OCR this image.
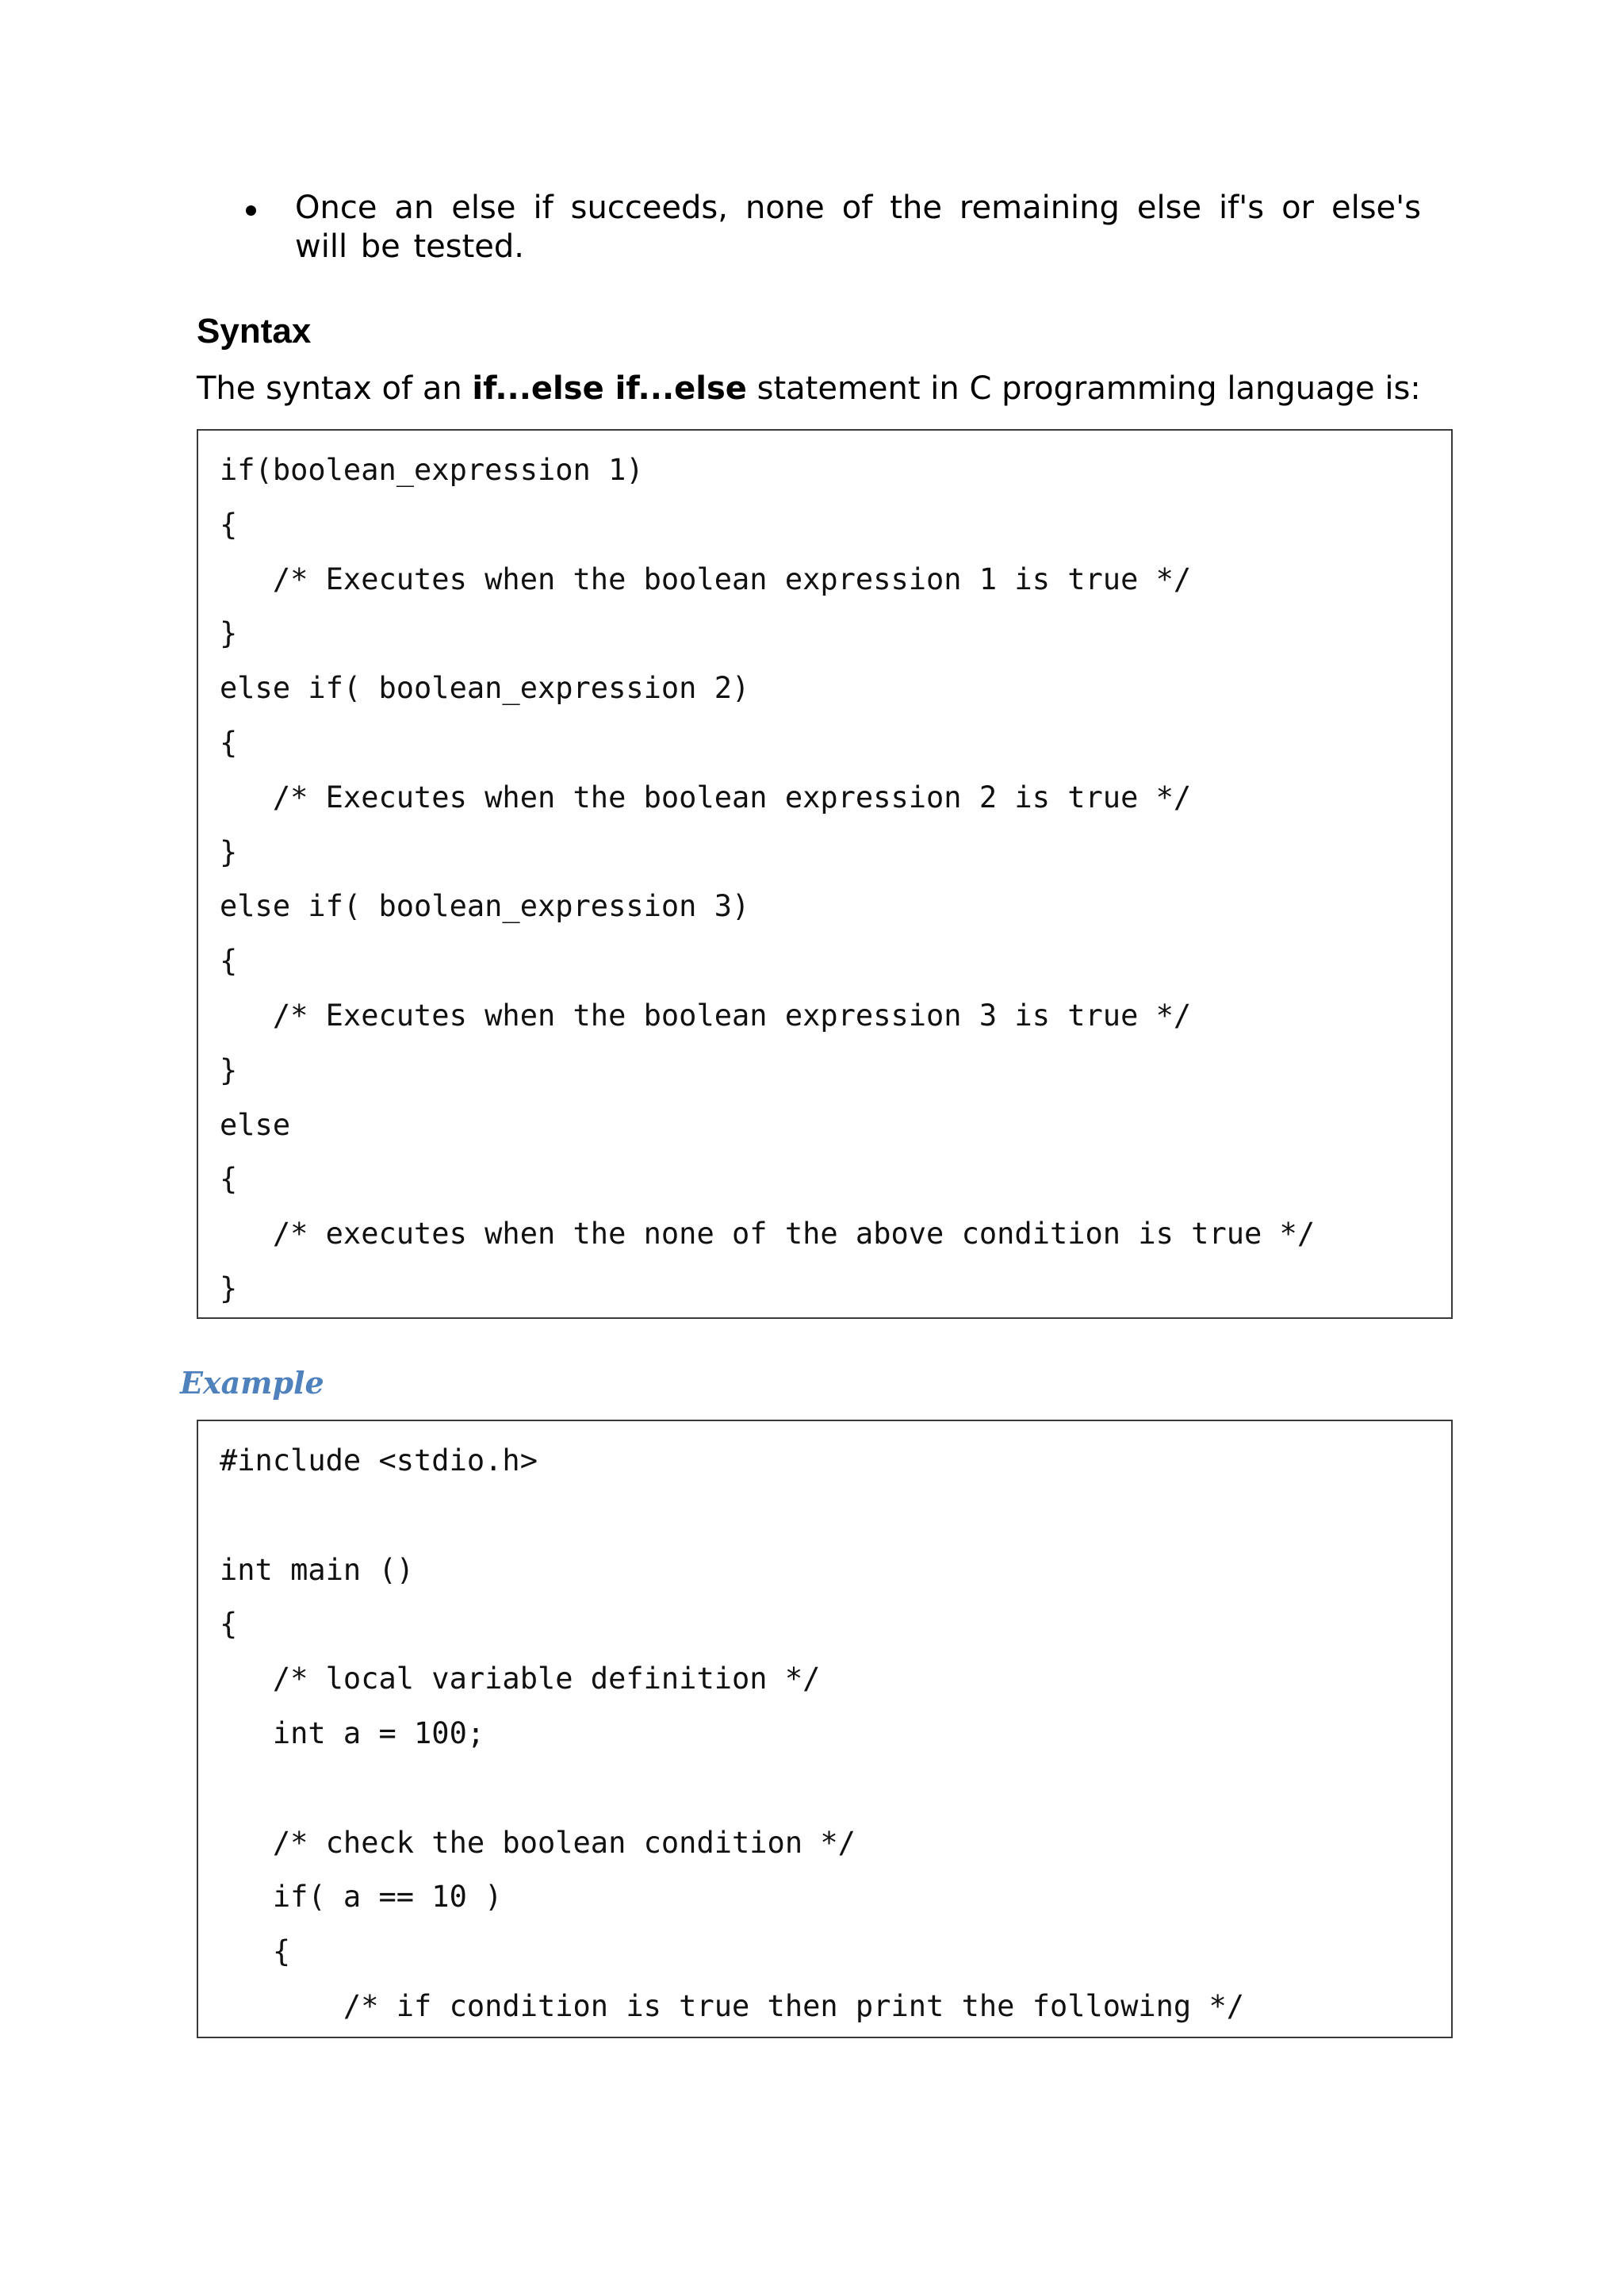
Once an else if succeeds, none of the remaining else if's or else's will be tested.
Syntax
The syntax of an if...else if...else statement in C programming language is:
if(boolean_expression 1)
{
/* Executes when the boolean expression 1 is true */
}
else if( boolean_expression 2)
{
/* Executes when the boolean expression 2 is true */
}
else if( boolean_expression 3)
{
/* Executes when the boolean expression 3 is true */
}
else
{
/* executes when the none of the above condition is true */
}
Example
#include <stdio.h>
int main ()
{
/* local variable definition */
int a = 100;
/* check the boolean condition */
if( a == 10 )
{
/* if condition is true then print the following */
